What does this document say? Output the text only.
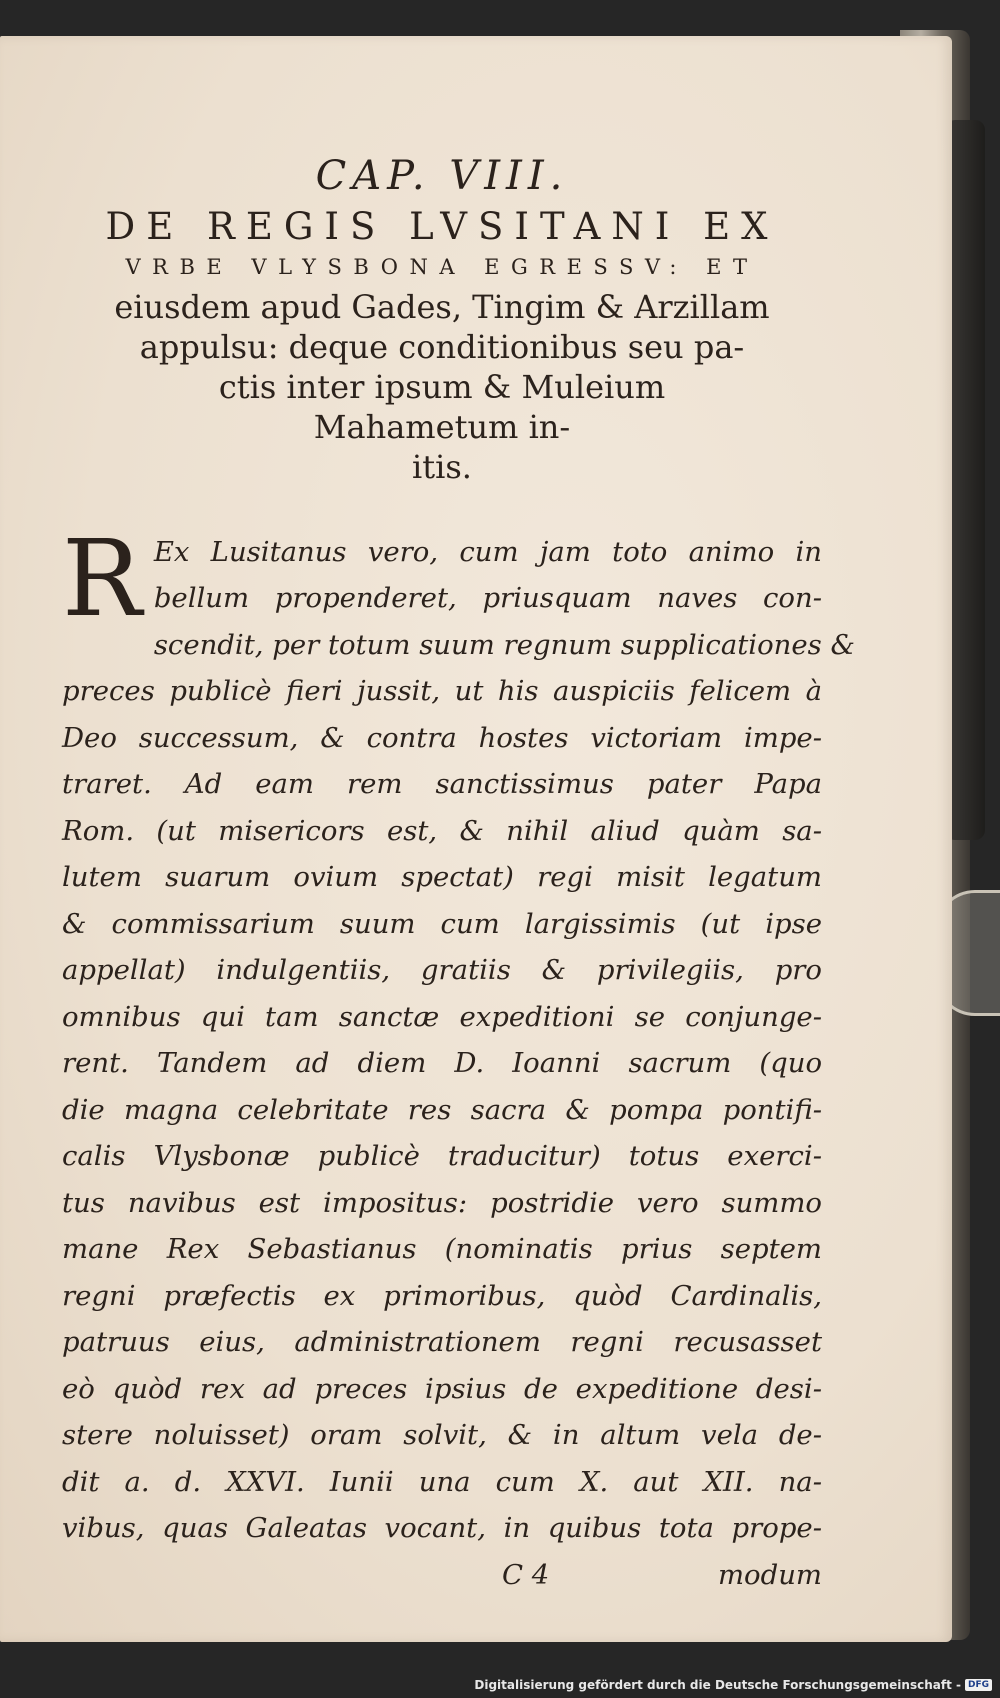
CAP. VIII.
DE REGIS LVSITANI EX
VRBE VLYSBONA EGRESSV: ET
eiusdem apud Gades, Tingim & Arzillam
appulsu: deque conditionibus seu pa-
ctis inter ipsum & Muleium
Mahametum in-
itis.
R Ex Lusitanus vero, cum jam toto animo in
bellum propenderet, priusquam naves con-
scendit, per totum suum regnum supplicationes &
preces publicè fieri jussit, ut his auspiciis felicem à
Deo successum, & contra hostes victoriam impe-
traret. Ad eam rem sanctissimus pater Papa
Rom. (ut misericors est, & nihil aliud quàm sa-
lutem suarum ovium spectat) regi misit legatum
& commissarium suum cum largissimis (ut ipse
appellat) indulgentiis, gratiis & privilegiis, pro
omnibus qui tam sanctæ expeditioni se conjunge-
rent. Tandem ad diem D. Ioanni sacrum (quo
die magna celebritate res sacra & pompa pontifi-
calis Vlysbonæ publicè traducitur) totus exerci-
tus navibus est impositus: postridie vero summo
mane Rex Sebastianus (nominatis prius septem
regni præfectis ex primoribus, quòd Cardinalis,
patruus eius, administrationem regni recusasset
eò quòd rex ad preces ipsius de expeditione desi-
stere noluisset) oram solvit, & in altum vela de-
dit a. d. XXVI. Iunii una cum X. aut XII. na-
vibus, quas Galeatas vocant, in quibus tota prope-
C 4	modum
Digitalisierung gefördert durch die Deutsche Forschungsgemeinschaft - DFG
